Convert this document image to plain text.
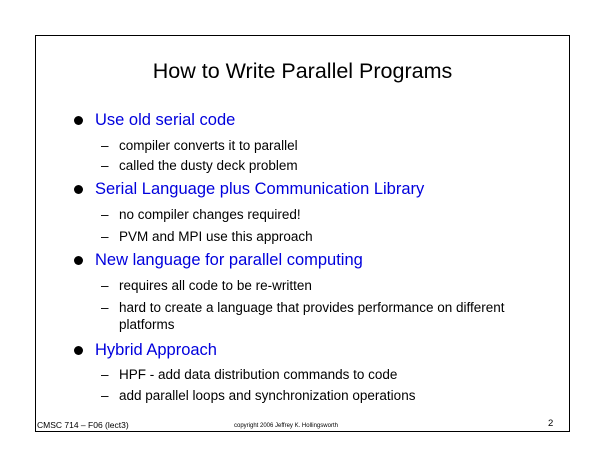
How to Write Parallel Programs
Use old serial code
– compiler converts it to parallel
– called the dusty deck problem
Serial Language plus Communication Library
– no compiler changes required!
– PVM and MPI use this approach
New language for parallel computing
– requires all code to be re-written
– hard to create a language that provides performance on different platforms
Hybrid Approach
– HPF - add data distribution commands to code
– add parallel loops and synchronization operations
CMSC 714 – F06 (lect3)	copyright 2006 Jeffrey K. Hollingsworth	2
